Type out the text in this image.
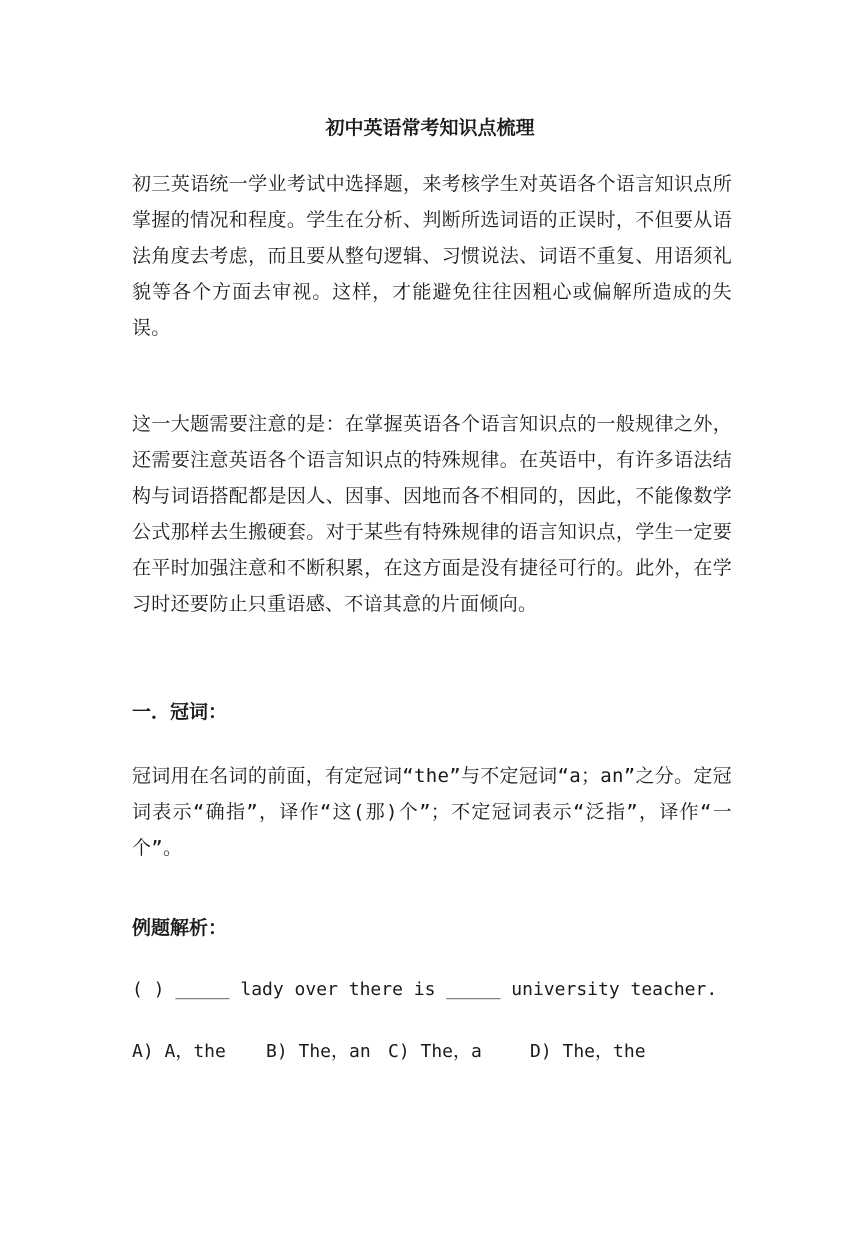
初中英语常考知识点梳理

初三英语统一学业考试中选择题，来考核学生对英语各个语言知识点所掌握的情况和程度。学生在分析、判断所选词语的正误时，不但要从语法角度去考虑，而且要从整句逻辑、习惯说法、词语不重复、用语须礼貌等各个方面去审视。这样，才能避免往往因粗心或偏解所造成的失误。

这一大题需要注意的是：在掌握英语各个语言知识点的一般规律之外，还需要注意英语各个语言知识点的特殊规律。在英语中，有许多语法结构与词语搭配都是因人、因事、因地而各不相同的，因此，不能像数学公式那样去生搬硬套。对于某些有特殊规律的语言知识点，学生一定要在平时加强注意和不断积累，在这方面是没有捷径可行的。此外，在学习时还要防止只重语感、不谙其意的片面倾向。

一．冠词：

冠词用在名词的前面，有定冠词“the”与不定冠词“a；an”之分。定冠词表示“确指”，译作“这(那)个”；不定冠词表示“泛指”，译作“一个”。

例题解析：

( ) _____ lady over there is _____ university teacher.

A) A，the

B) The，an

C) The，a

	D) The，the
